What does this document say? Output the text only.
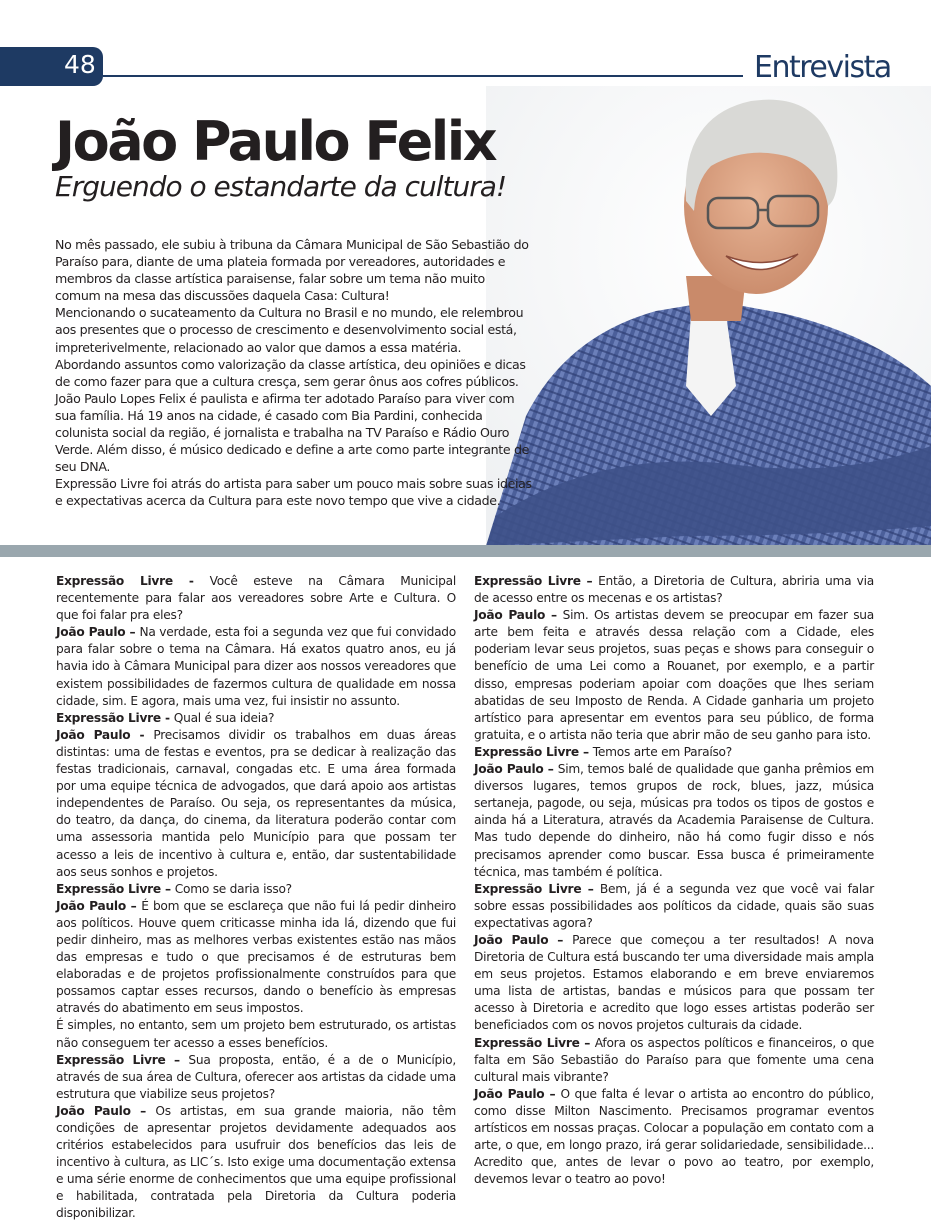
48	Entrevista
João Paulo Felix
Erguendo o estandarte da cultura!

No mês passado, ele subiu à tribuna da Câmara Municipal de São Sebastião do Paraíso para, diante de uma plateia formada por vereadores, autoridades e membros da classe artística paraisense, falar sobre um tema não muito comum na mesa das discussões daquela Casa: Cultura!

Mencionando o sucateamento da Cultura no Brasil e no mundo, ele relembrou aos presentes que o processo de crescimento e desenvolvimento social está, impreterivelmente, relacionado ao valor que damos a essa matéria.

Abordando assuntos como valorização da classe artística, deu opiniões e dicas de como fazer para que a cultura cresça, sem gerar ônus aos cofres públicos.

João Paulo Lopes Felix é paulista e afirma ter adotado Paraíso para viver com sua família. Há 19 anos na cidade, é casado com Bia Pardini, conhecida colunista social da região, é jornalista e trabalha na TV Paraíso e Rádio Ouro Verde. Além disso, é músico dedicado e define a arte como parte integrante de seu DNA.

Expressão Livre foi atrás do artista para saber um pouco mais sobre suas ideias e expectativas acerca da Cultura para este novo tempo que vive a cidade.

Expressão Livre - Você esteve na Câmara Municipal recentemente para falar aos vereadores sobre Arte e Cultura. O que foi falar pra eles?

João Paulo – Na verdade, esta foi a segunda vez que fui convidado para falar sobre o tema na Câmara. Há exatos quatro anos, eu já havia ido à Câmara Municipal para dizer aos nossos vereadores que existem possibilidades de fazermos cultura de qualidade em nossa cidade, sim. E agora, mais uma vez, fui insistir no assunto.

Expressão Livre - Qual é sua ideia?

João Paulo - Precisamos dividir os trabalhos em duas áreas distintas: uma de festas e eventos, pra se dedicar à realização das festas tradicionais, carnaval, congadas etc. E uma área formada por uma equipe técnica de advogados, que dará apoio aos artistas independentes de Paraíso. Ou seja, os representantes da música, do teatro, da dança, do cinema, da literatura poderão contar com uma assessoria mantida pelo Município para que possam ter acesso a leis de incentivo à cultura e, então, dar sustentabilidade aos seus sonhos e projetos.

Expressão Livre – Como se daria isso?

João Paulo – É bom que se esclareça que não fui lá pedir dinheiro aos políticos. Houve quem criticasse minha ida lá, dizendo que fui pedir dinheiro, mas as melhores verbas existentes estão nas mãos das empresas e tudo o que precisamos é de estruturas bem elaboradas e de projetos profissionalmente construídos para que possamos captar esses recursos, dando o benefício às empresas através do abatimento em seus impostos.

É simples, no entanto, sem um projeto bem estruturado, os artistas não conseguem ter acesso a esses benefícios.

Expressão Livre – Sua proposta, então, é a de o Município, através de sua área de Cultura, oferecer aos artistas da cidade uma estrutura que viabilize seus projetos?

João Paulo – Os artistas, em sua grande maioria, não têm condições de apresentar projetos devidamente adequados aos critérios estabelecidos para usufruir dos benefícios das leis de incentivo à cultura, as LIC´s. Isto exige uma documentação extensa e uma série enorme de conhecimentos que uma equipe profissional e habilitada, contratada pela Diretoria da Cultura poderia disponibilizar.

Expressão Livre – Então, a Diretoria de Cultura, abriria uma via de acesso entre os mecenas e os artistas?

João Paulo – Sim. Os artistas devem se preocupar em fazer sua arte bem feita e através dessa relação com a Cidade, eles poderiam levar seus projetos, suas peças e shows para conseguir o benefício de uma Lei como a Rouanet, por exemplo, e a partir disso, empresas poderiam apoiar com doações que lhes seriam abatidas de seu Imposto de Renda. A Cidade ganharia um projeto artístico para apresentar em eventos para seu público, de forma gratuita, e o artista não teria que abrir mão de seu ganho para isto.

Expressão Livre – Temos arte em Paraíso?

João Paulo – Sim, temos balé de qualidade que ganha prêmios em diversos lugares, temos grupos de rock, blues, jazz, música sertaneja, pagode, ou seja, músicas pra todos os tipos de gostos e ainda há a Literatura, através da Academia Paraisense de Cultura. Mas tudo depende do dinheiro, não há como fugir disso e nós precisamos aprender como buscar. Essa busca é primeiramente técnica, mas também é política.

Expressão Livre – Bem, já é a segunda vez que você vai falar sobre essas possibilidades aos políticos da cidade, quais são suas expectativas agora?

João Paulo – Parece que começou a ter resultados! A nova Diretoria de Cultura está buscando ter uma diversidade mais ampla em seus projetos. Estamos elaborando e em breve enviaremos uma lista de artistas, bandas e músicos para que possam ter acesso à Diretoria e acredito que logo esses artistas poderão ser beneficiados com os novos projetos culturais da cidade.

Expressão Livre – Afora os aspectos políticos e financeiros, o que falta em São Sebastião do Paraíso para que fomente uma cena cultural mais vibrante?

João Paulo – O que falta é levar o artista ao encontro do público, como disse Milton Nascimento. Precisamos programar eventos artísticos em nossas praças. Colocar a população em contato com a arte, o que, em longo prazo, irá gerar solidariedade, sensibilidade... Acredito que, antes de levar o povo ao teatro, por exemplo, devemos levar o teatro ao povo!
